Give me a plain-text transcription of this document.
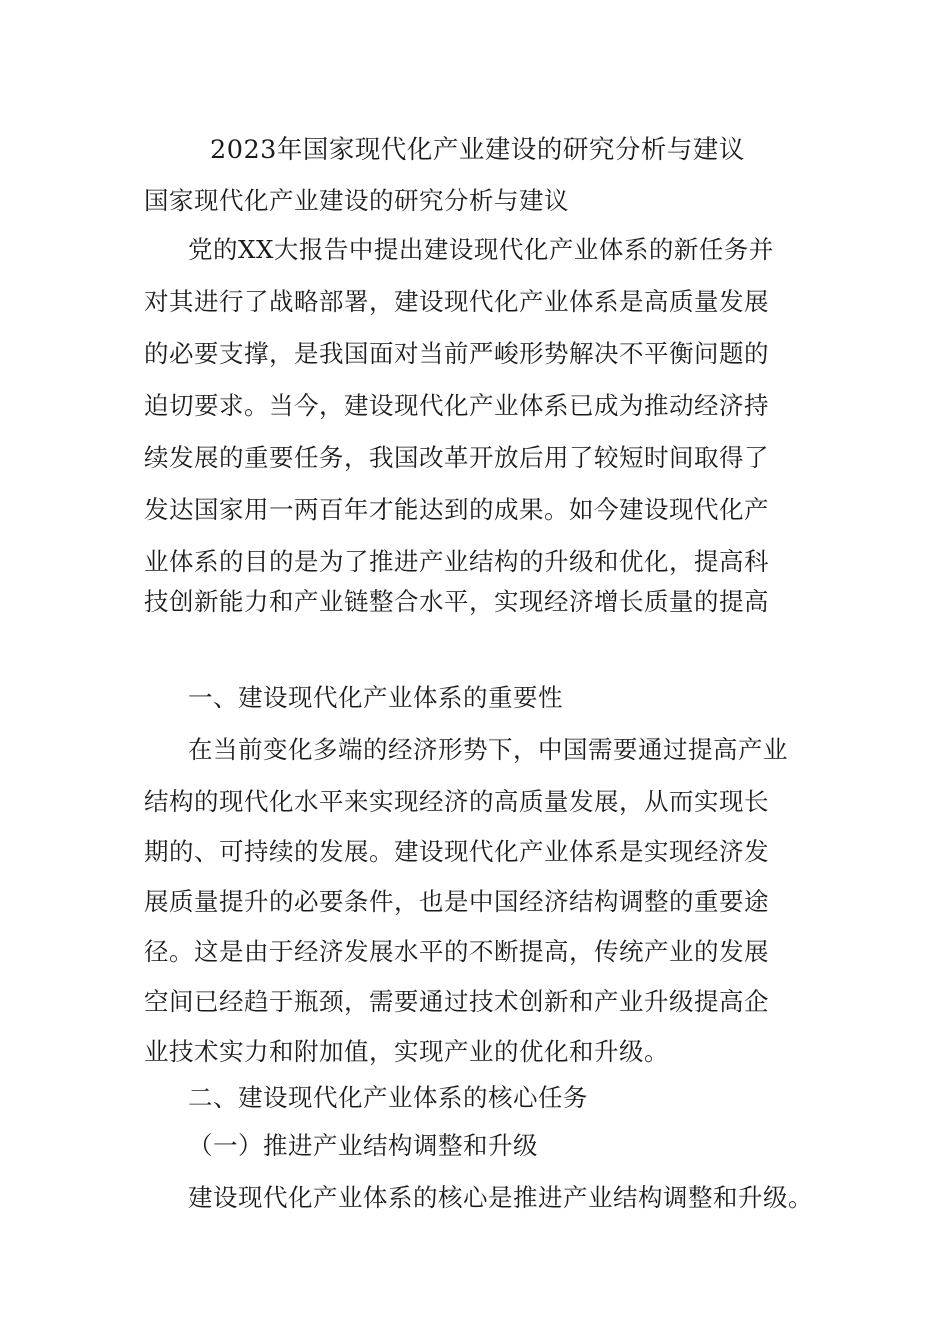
2023年国家现代化产业建设的研究分析与建议
国家现代化产业建设的研究分析与建议
党的XX大报告中提出建设现代化产业体系的新任务并
对其进行了战略部署，建设现代化产业体系是高质量发展
的必要支撑，是我国面对当前严峻形势解决不平衡问题的
迫切要求。当今，建设现代化产业体系已成为推动经济持
续发展的重要任务，我国改革开放后用了较短时间取得了
发达国家用一两百年才能达到的成果。如今建设现代化产
业体系的目的是为了推进产业结构的升级和优化，提高科
技创新能力和产业链整合水平，实现经济增长质量的提高
一、建设现代化产业体系的重要性
在当前变化多端的经济形势下，中国需要通过提高产业
结构的现代化水平来实现经济的高质量发展，从而实现长
期的、可持续的发展。建设现代化产业体系是实现经济发
展质量提升的必要条件，也是中国经济结构调整的重要途
径。这是由于经济发展水平的不断提高，传统产业的发展
空间已经趋于瓶颈，需要通过技术创新和产业升级提高企
业技术实力和附加值，实现产业的优化和升级。
二、建设现代化产业体系的核心任务
（一）推进产业结构调整和升级
建设现代化产业体系的核心是推进产业结构调整和升级。
